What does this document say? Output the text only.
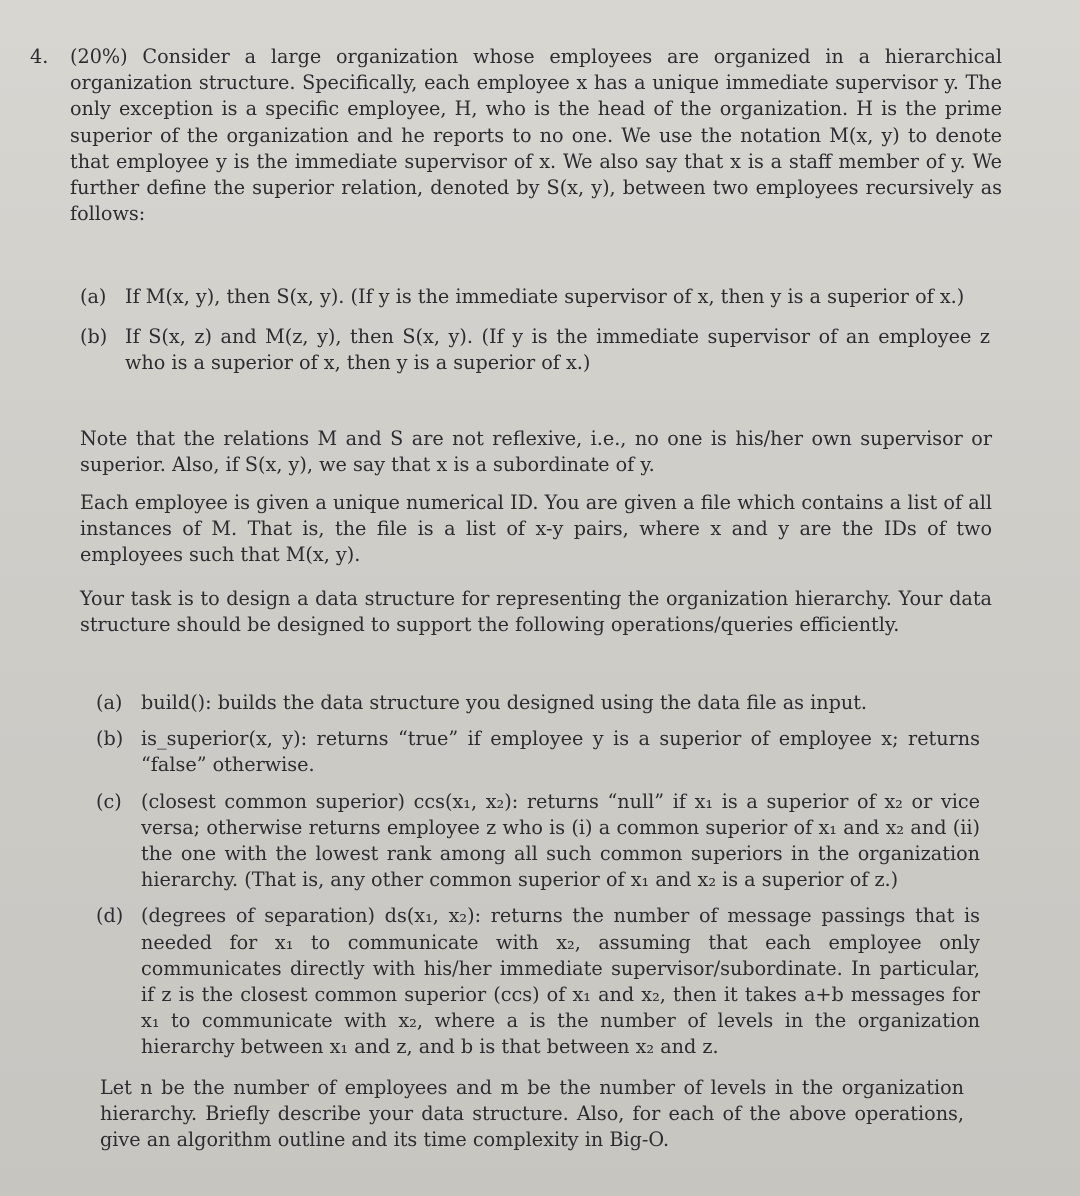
4.	(20%) Consider a large organization whose employees are organized in a hierarchical organization structure. Specifically, each employee x has a unique immediate supervisor y. The only exception is a specific employee, H, who is the head of the organization. H is the prime superior of the organization and he reports to no one. We use the notation M(x, y) to denote that employee y is the immediate supervisor of x. We also say that x is a staff member of y. We further define the superior relation, denoted by S(x, y), between two employees recursively as follows:
(a) If M(x, y), then S(x, y). (If y is the immediate supervisor of x, then y is a superior of x.)
(b) If S(x, z) and M(z, y), then S(x, y). (If y is the immediate supervisor of an employee z who is a superior of x, then y is a superior of x.)
Note that the relations M and S are not reflexive, i.e., no one is his/her own supervisor or superior. Also, if S(x, y), we say that x is a subordinate of y.
Each employee is given a unique numerical ID. You are given a file which contains a list of all instances of M. That is, the file is a list of x-y pairs, where x and y are the IDs of two employees such that M(x, y).
Your task is to design a data structure for representing the organization hierarchy. Your data structure should be designed to support the following operations/queries efficiently.
(a) build(): builds the data structure you designed using the data file as input.
(b) is_superior(x, y): returns “true” if employee y is a superior of employee x; returns “false” otherwise.
(c) (closest common superior) ccs(x₁, x₂): returns “null” if x₁ is a superior of x₂ or vice versa; otherwise returns employee z who is (i) a common superior of x₁ and x₂ and (ii) the one with the lowest rank among all such common superiors in the organization hierarchy. (That is, any other common superior of x₁ and x₂ is a superior of z.)
(d) (degrees of separation) ds(x₁, x₂): returns the number of message passings that is needed for x₁ to communicate with x₂, assuming that each employee only communicates directly with his/her immediate supervisor/subordinate. In particular, if z is the closest common superior (ccs) of x₁ and x₂, then it takes a+b messages for x₁ to communicate with x₂, where a is the number of levels in the organization hierarchy between x₁ and z, and b is that between x₂ and z.
Let n be the number of employees and m be the number of levels in the organization hierarchy. Briefly describe your data structure. Also, for each of the above operations, give an algorithm outline and its time complexity in Big-O.
